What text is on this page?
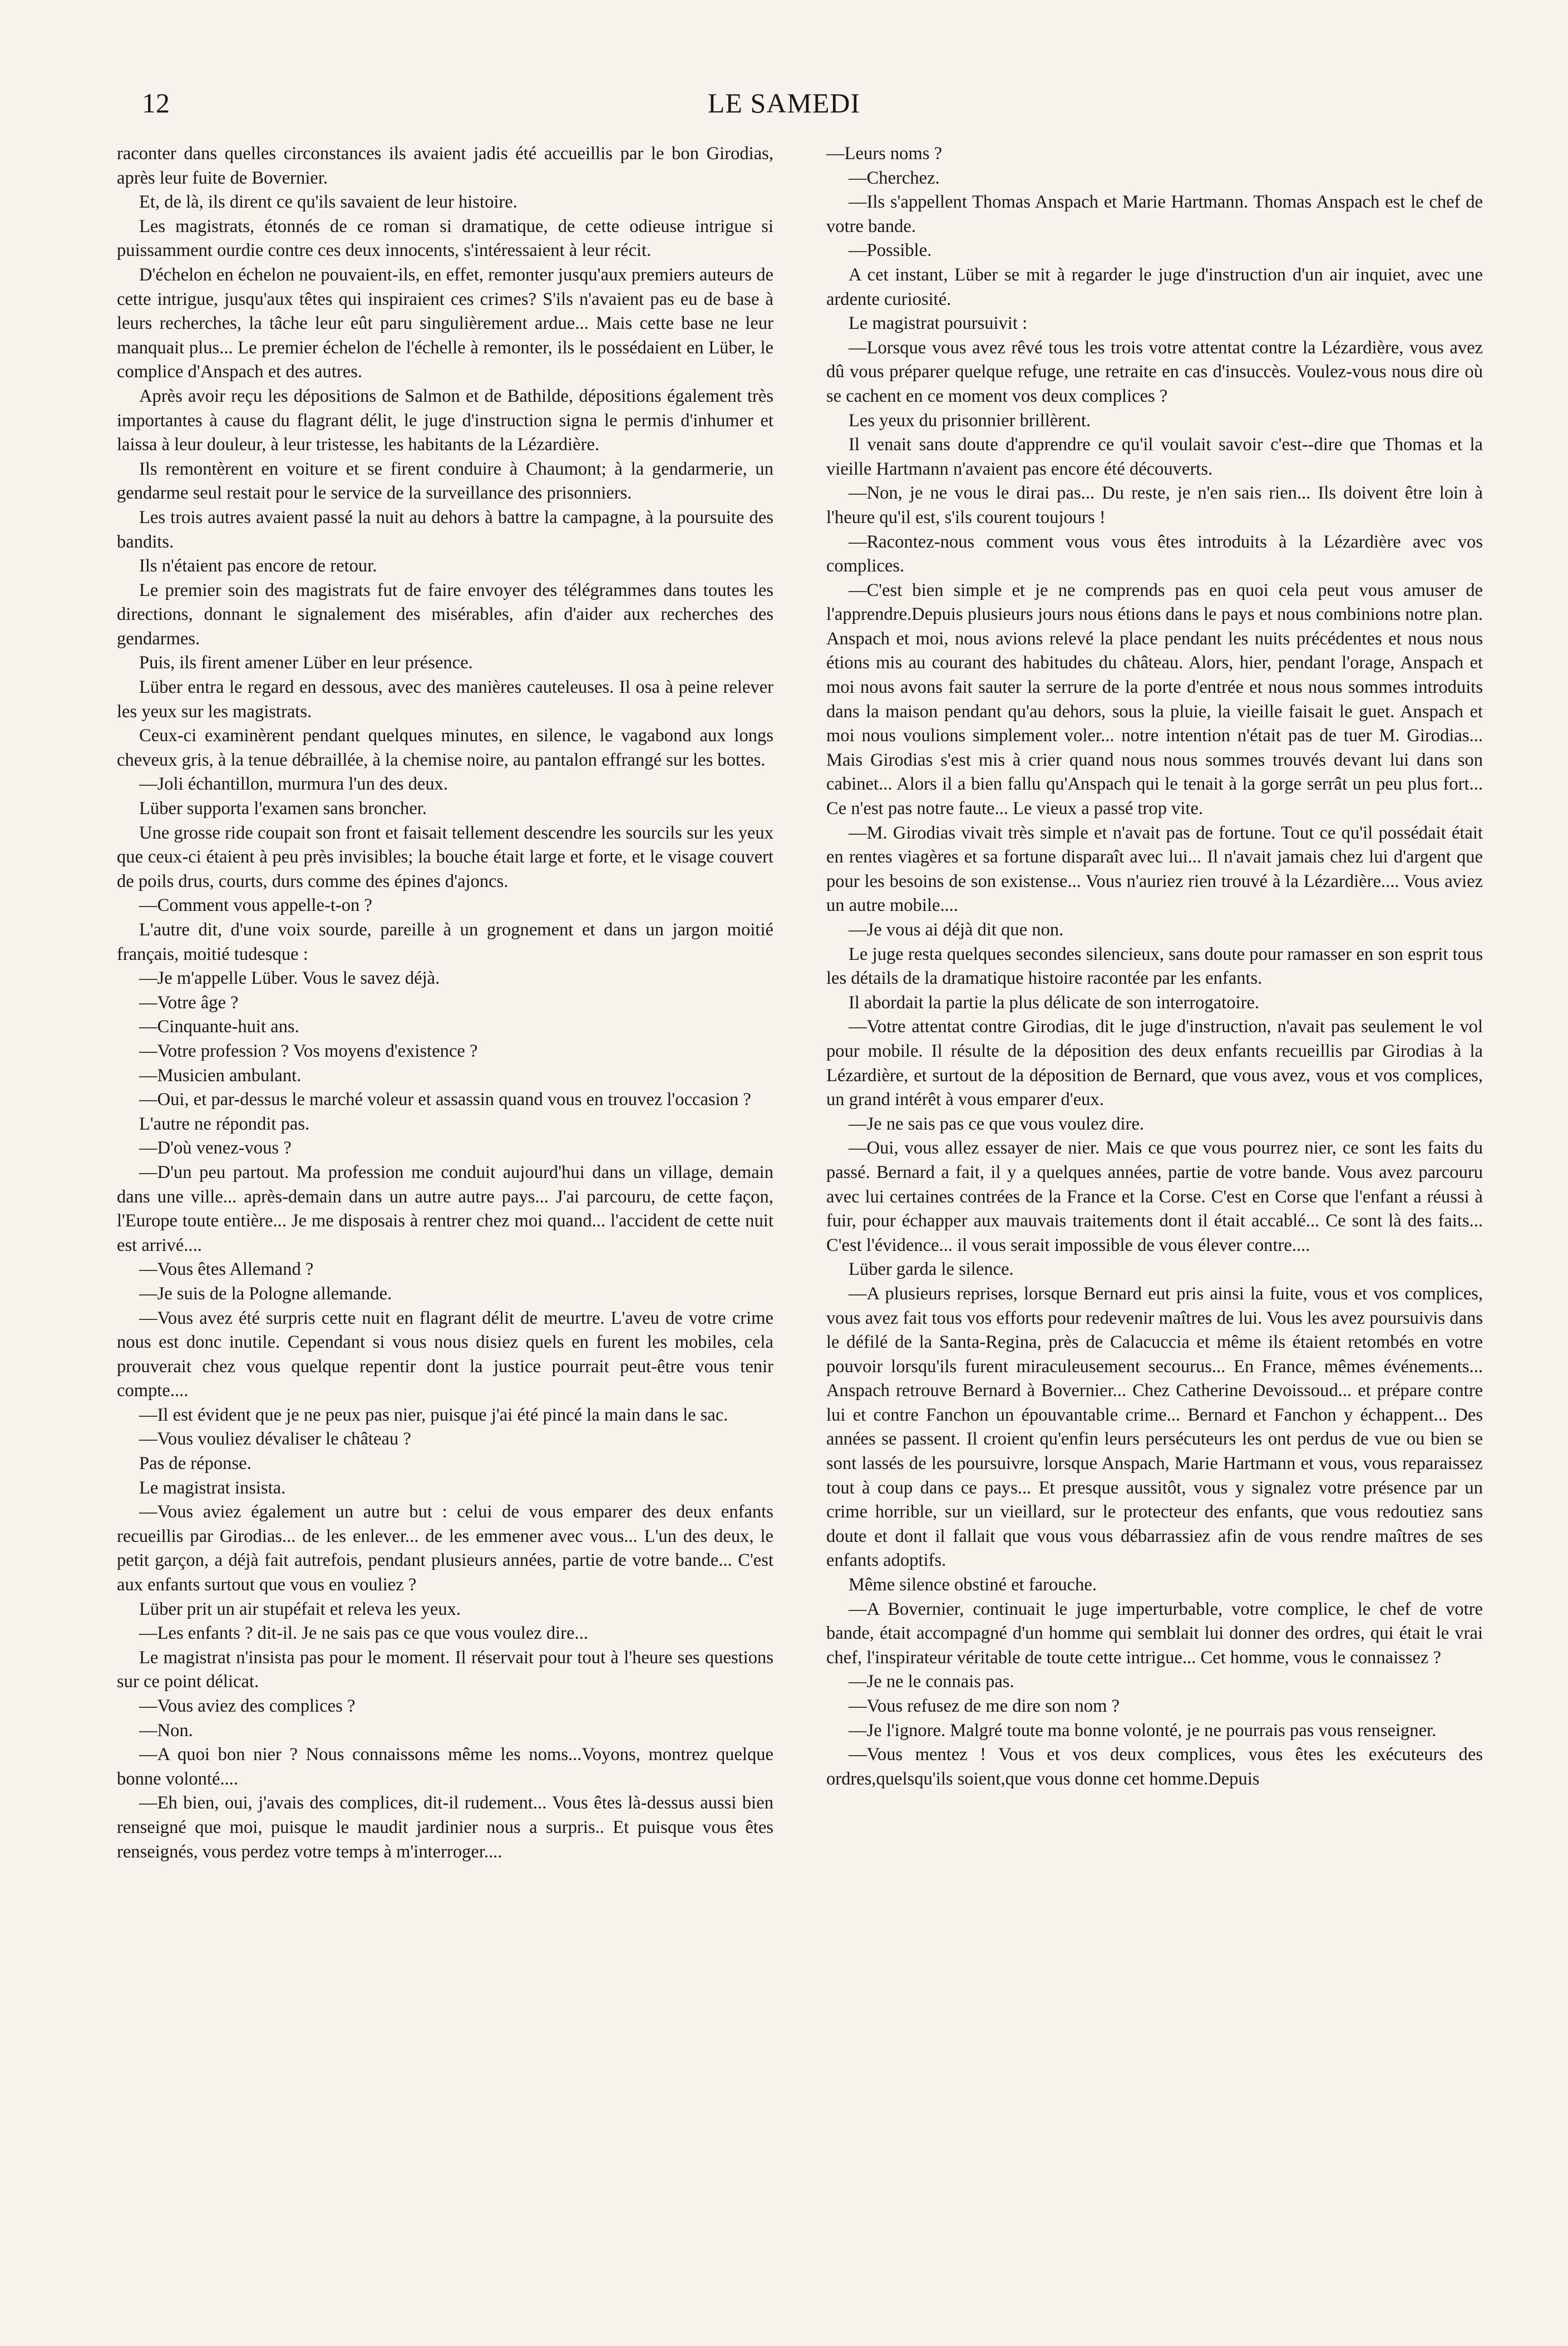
12	LE SAMEDI

raconter dans quelles circonstances ils avaient jadis été accueillis par le bon Girodias, après leur fuite de Bovernier.

Et, de là, ils dirent ce qu'ils savaient de leur histoire.

Les magistrats, étonnés de ce roman si dramatique, de cette odieuse intrigue si puissamment ourdie contre ces deux innocents, s'intéressaient à leur récit.

D'échelon en échelon ne pouvaient-ils, en effet, remonter jusqu'aux premiers auteurs de cette intrigue, jusqu'aux têtes qui inspiraient ces crimes? S'ils n'avaient pas eu de base à leurs recherches, la tâche leur eût paru singulièrement ardue... Mais cette base ne leur manquait plus... Le premier échelon de l'échelle à remonter, ils le possédaient en Lüber, le complice d'Anspach et des autres.

Après avoir reçu les dépositions de Salmon et de Bathilde, dépositions également très importantes à cause du flagrant délit, le juge d'instruction signa le permis d'inhumer et laissa à leur douleur, à leur tristesse, les habitants de la Lézardière.

Ils remontèrent en voiture et se firent conduire à Chaumont; à la gendarmerie, un gendarme seul restait pour le service de la surveillance des prisonniers.

Les trois autres avaient passé la nuit au dehors à battre la campagne, à la poursuite des bandits.

Ils n'étaient pas encore de retour.

Le premier soin des magistrats fut de faire envoyer des télégrammes dans toutes les directions, donnant le signalement des misérables, afin d'aider aux recherches des gendarmes.

Puis, ils firent amener Lüber en leur présence.

Lüber entra le regard en dessous, avec des manières cauteleuses. Il osa à peine relever les yeux sur les magistrats.

Ceux-ci examinèrent pendant quelques minutes, en silence, le vagabond aux longs cheveux gris, à la tenue débraillée, à la chemise noire, au pantalon effrangé sur les bottes.

—Joli échantillon, murmura l'un des deux.

Lüber supporta l'examen sans broncher.

Une grosse ride coupait son front et faisait tellement descendre les sourcils sur les yeux que ceux-ci étaient à peu près invisibles; la bouche était large et forte, et le visage couvert de poils drus, courts, durs comme des épines d'ajoncs.

—Comment vous appelle-t-on ?

L'autre dit, d'une voix sourde, pareille à un grognement et dans un jargon moitié français, moitié tudesque :

—Je m'appelle Lüber. Vous le savez déjà.

—Votre âge ?

—Cinquante-huit ans.

—Votre profession ? Vos moyens d'existence ?

—Musicien ambulant.

—Oui, et par-dessus le marché voleur et assassin quand vous en trouvez l'occasion ?

L'autre ne répondit pas.

—D'où venez-vous ?

—D'un peu partout. Ma profession me conduit aujourd'hui dans un village, demain dans une ville... après-demain dans un autre autre pays... J'ai parcouru, de cette façon, l'Europe toute entière... Je me disposais à rentrer chez moi quand... l'accident de cette nuit est arrivé....

—Vous êtes Allemand ?

—Je suis de la Pologne allemande.

—Vous avez été surpris cette nuit en flagrant délit de meurtre. L'aveu de votre crime nous est donc inutile. Cependant si vous nous disiez quels en furent les mobiles, cela prouverait chez vous quelque repentir dont la justice pourrait peut-être vous tenir compte....

—Il est évident que je ne peux pas nier, puisque j'ai été pincé la main dans le sac.

—Vous vouliez dévaliser le château ?

Pas de réponse.

Le magistrat insista.

—Vous aviez également un autre but : celui de vous emparer des deux enfants recueillis par Girodias... de les enlever... de les emmener avec vous... L'un des deux, le petit garçon, a déjà fait autrefois, pendant plusieurs années, partie de votre bande... C'est aux enfants surtout que vous en vouliez ?

Lüber prit un air stupéfait et releva les yeux.

—Les enfants ? dit-il. Je ne sais pas ce que vous voulez dire...

Le magistrat n'insista pas pour le moment. Il réservait pour tout à l'heure ses questions sur ce point délicat.

—Vous aviez des complices ?

—Non.

—A quoi bon nier ? Nous connaissons même les noms...Voyons, montrez quelque bonne volonté....

—Eh bien, oui, j'avais des complices, dit-il rudement... Vous êtes là-dessus aussi bien renseigné que moi, puisque le maudit jardinier nous a surpris.. Et puisque vous êtes renseignés, vous perdez votre temps à m'interroger....

—Leurs noms ?

—Cherchez.

—Ils s'appellent Thomas Anspach et Marie Hartmann. Thomas Anspach est le chef de votre bande.

—Possible.

A cet instant, Lüber se mit à regarder le juge d'instruction d'un air inquiet, avec une ardente curiosité.

Le magistrat poursuivit :

—Lorsque vous avez rêvé tous les trois votre attentat contre la Lézardière, vous avez dû vous préparer quelque refuge, une retraite en cas d'insuccès. Voulez-vous nous dire où se cachent en ce moment vos deux complices ?

Les yeux du prisonnier brillèrent.

Il venait sans doute d'apprendre ce qu'il voulait savoir c'est--dire que Thomas et la vieille Hartmann n'avaient pas encore été découverts.

—Non, je ne vous le dirai pas... Du reste, je n'en sais rien... Ils doivent être loin à l'heure qu'il est, s'ils courent toujours !

—Racontez-nous comment vous vous êtes introduits à la Lézardière avec vos complices.

—C'est bien simple et je ne comprends pas en quoi cela peut vous amuser de l'apprendre.Depuis plusieurs jours nous étions dans le pays et nous combinions notre plan. Anspach et moi, nous avions relevé la place pendant les nuits précédentes et nous nous étions mis au courant des habitudes du château. Alors, hier, pendant l'orage, Anspach et moi nous avons fait sauter la serrure de la porte d'entrée et nous nous sommes introduits dans la maison pendant qu'au dehors, sous la pluie, la vieille faisait le guet. Anspach et moi nous voulions simplement voler... notre intention n'était pas de tuer M. Girodias... Mais Girodias s'est mis à crier quand nous nous sommes trouvés devant lui dans son cabinet... Alors il a bien fallu qu'Anspach qui le tenait à la gorge serrât un peu plus fort... Ce n'est pas notre faute... Le vieux a passé trop vite.

—M. Girodias vivait très simple et n'avait pas de fortune. Tout ce qu'il possédait était en rentes viagères et sa fortune disparaît avec lui... Il n'avait jamais chez lui d'argent que pour les besoins de son existense... Vous n'auriez rien trouvé à la Lézardière.... Vous aviez un autre mobile....

—Je vous ai déjà dit que non.

Le juge resta quelques secondes silencieux, sans doute pour ramasser en son esprit tous les détails de la dramatique histoire racontée par les enfants.

Il abordait la partie la plus délicate de son interrogatoire.

—Votre attentat contre Girodias, dit le juge d'instruction, n'avait pas seulement le vol pour mobile. Il résulte de la déposition des deux enfants recueillis par Girodias à la Lézardière, et surtout de la déposition de Bernard, que vous avez, vous et vos complices, un grand intérêt à vous emparer d'eux.

—Je ne sais pas ce que vous voulez dire.

—Oui, vous allez essayer de nier. Mais ce que vous pourrez nier, ce sont les faits du passé. Bernard a fait, il y a quelques années, partie de votre bande. Vous avez parcouru avec lui certaines contrées de la France et la Corse. C'est en Corse que l'enfant a réussi à fuir, pour échapper aux mauvais traitements dont il était accablé... Ce sont là des faits... C'est l'évidence... il vous serait impossible de vous élever contre....

Lüber garda le silence.

—A plusieurs reprises, lorsque Bernard eut pris ainsi la fuite, vous et vos complices, vous avez fait tous vos efforts pour redevenir maîtres de lui. Vous les avez poursuivis dans le défilé de la Santa-Regina, près de Calacuccia et même ils étaient retombés en votre pouvoir lorsqu'ils furent miraculeusement secourus... En France, mêmes événements... Anspach retrouve Bernard à Bovernier... Chez Catherine Devoissoud... et prépare contre lui et contre Fanchon un épouvantable crime... Bernard et Fanchon y échappent... Des années se passent. Il croient qu'enfin leurs persécuteurs les ont perdus de vue ou bien se sont lassés de les poursuivre, lorsque Anspach, Marie Hartmann et vous, vous reparaissez tout à coup dans ce pays... Et presque aussitôt, vous y signalez votre présence par un crime horrible, sur un vieillard, sur le protecteur des enfants, que vous redoutiez sans doute et dont il fallait que vous vous débarrassiez afin de vous rendre maîtres de ses enfants adoptifs.

Même silence obstiné et farouche.

—A Bovernier, continuait le juge imperturbable, votre complice, le chef de votre bande, était accompagné d'un homme qui semblait lui donner des ordres, qui était le vrai chef, l'inspirateur véritable de toute cette intrigue... Cet homme, vous le connaissez ?

—Je ne le connais pas.

—Vous refusez de me dire son nom ?

—Je l'ignore. Malgré toute ma bonne volonté, je ne pourrais pas vous renseigner.

—Vous mentez ! Vous et vos deux complices, vous êtes les exécuteurs des ordres,quelsqu'ils soient,que vous donne cet homme.Depuis
